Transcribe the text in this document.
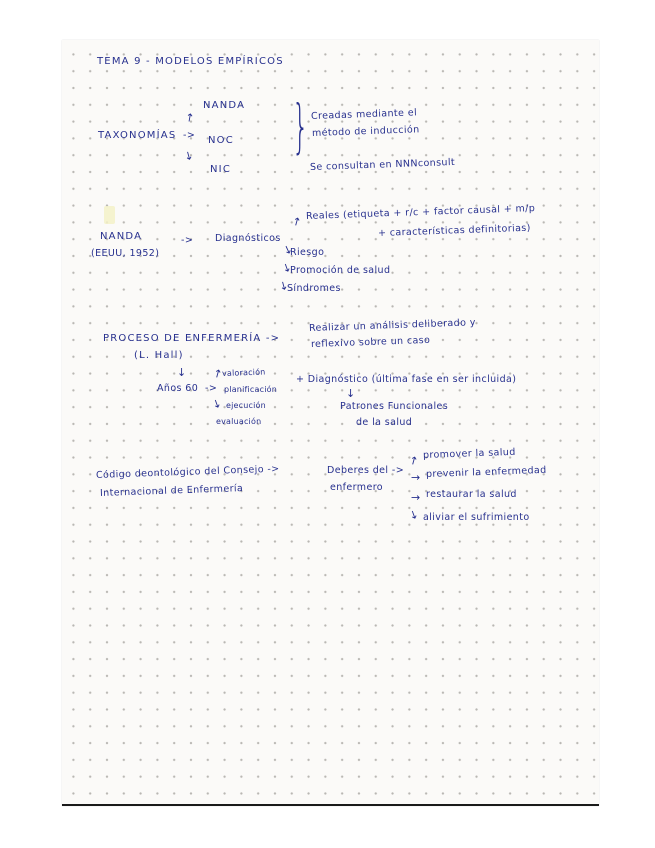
TEMA 9 - MODELOS EMPÍRICOS
NANDA
NOC
NIC
↗
↘
TAXONOMÍAS -> } Creadas mediante el
método de inducción
Se consultan en NNNconsult
NANDA
(EEUU, 1952)
-> Diagnósticos
↗ Reales (etiqueta + r/c + factor causal + m/p
+ características definitorias)
Riesgo
Promoción de salud
Síndromes
↘
↘
↘
PROCESO DE ENFERMERÍA ->
(L. Hall)
Realizar un análisis deliberado y
reflexivo sobre un caso
↓
Años 60 ->
valoración
planificación
ejecución
evaluación
↗
↘
+ Diagnóstico (última fase en ser incluida)
↓
Patrones Funcionales
de la salud
Código deontológico del Consejo ->
Internacional de Enfermería
Deberes del ->
enfermero
↗ promover la salud
→ prevenir la enfermedad
→ restaurar la salud
↘ aliviar el sufrimiento
